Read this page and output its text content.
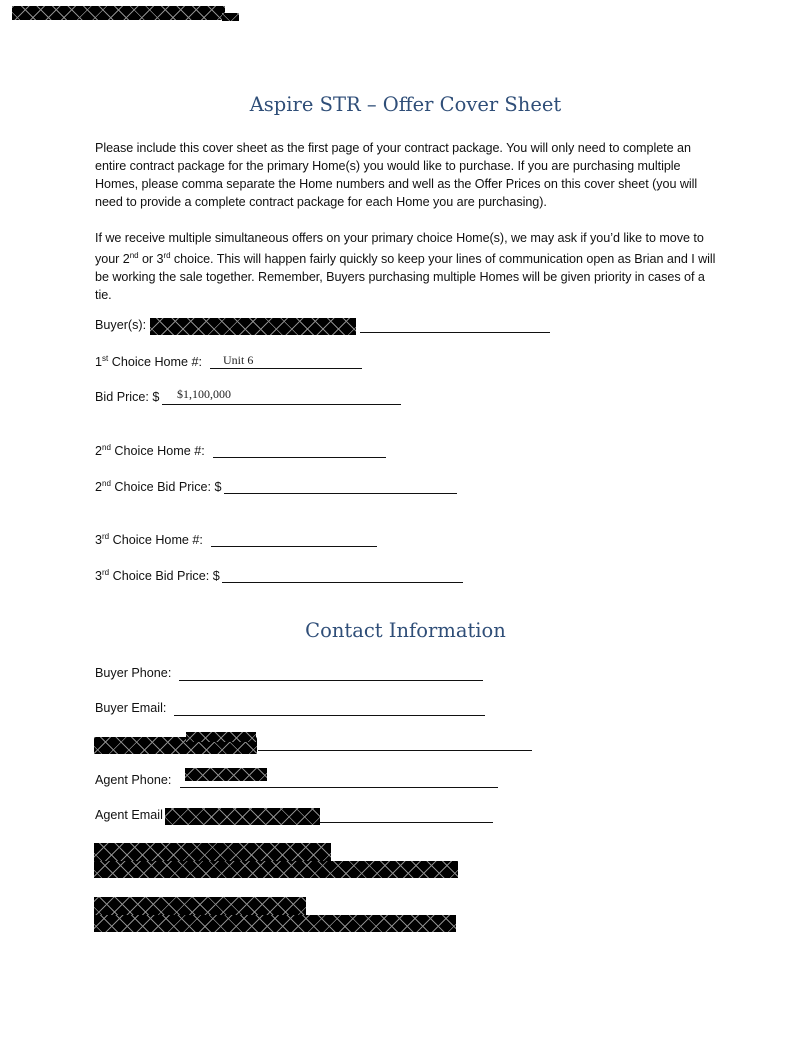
Aspire STR – Offer Cover Sheet

Please include this cover sheet as the first page of your contract package. You will only need to complete an entire contract package for the primary Home(s) you would like to purchase. If you are purchasing multiple Homes, please comma separate the Home numbers and well as the Offer Prices on this cover sheet (you will need to provide a complete contract package for each Home you are purchasing).

If we receive multiple simultaneous offers on your primary choice Home(s), we may ask if you’d like to move to your 2nd or 3rd choice. This will happen fairly quickly so keep your lines of communication open as Brian and I will be working the sale together. Remember, Buyers purchasing multiple Homes will be given priority in cases of a tie.

Buyer(s):
1st Choice Home #: Unit 6
Bid Price: $ $1,100,000
2nd Choice Home #:
2nd Choice Bid Price: $
3rd Choice Home #:
3rd Choice Bid Price: $
Contact Information
Buyer Phone:
Buyer Email:
Agent Phone:
Agent Email
